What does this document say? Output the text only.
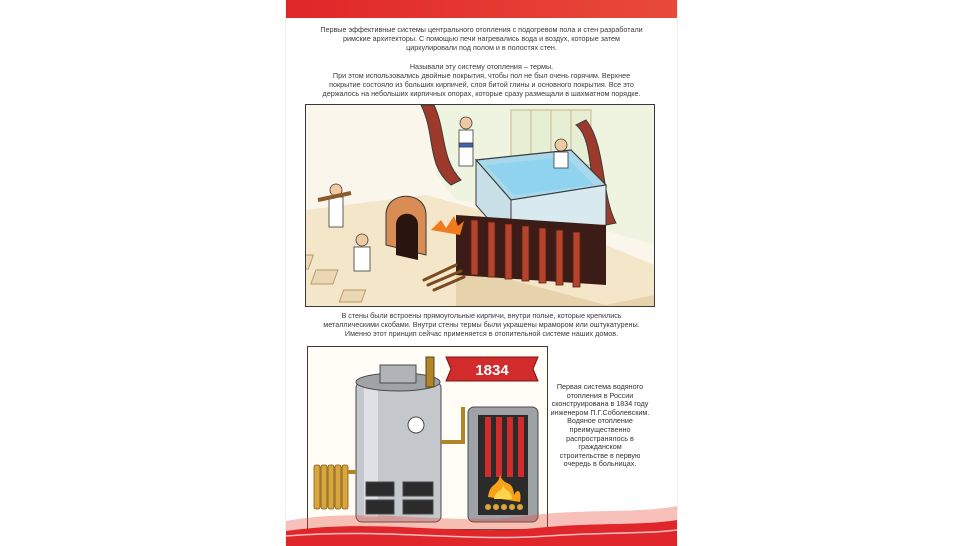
Первые эффективные системы центрального отопления с подогревом пола и стен разработали
римские архитекторы. С помощью печи нагревались вода и воздух, которые затем
циркулировали под полом и в полостях стен.
Называли эту систему отопления – термы.
При этом использовались двойные покрытия, чтобы пол не был очень горячим. Верхнее
покрытие состояло из больших кирпичей, слоя битой глины и основного покрытия. Все это
держалось на небольших кирпичных опорах, которые сразу размещали в шахматном порядке.
В стены были встроены прямоугольные кирпичи, внутри полые, которые крепились
металлическими скобами. Внутри стены термы были украшены мрамором или оштукатурены.
Именно этот принцип сейчас применяется в отопительной системе наших домов.
1834
Первая система водяного
отопления в России
сконструирована в 1834 году
инженером П.Г.Соболевским.
Водяное отопление
преимущественно
распространялось в
гражданском
строительстве в первую
очередь в больницах.
